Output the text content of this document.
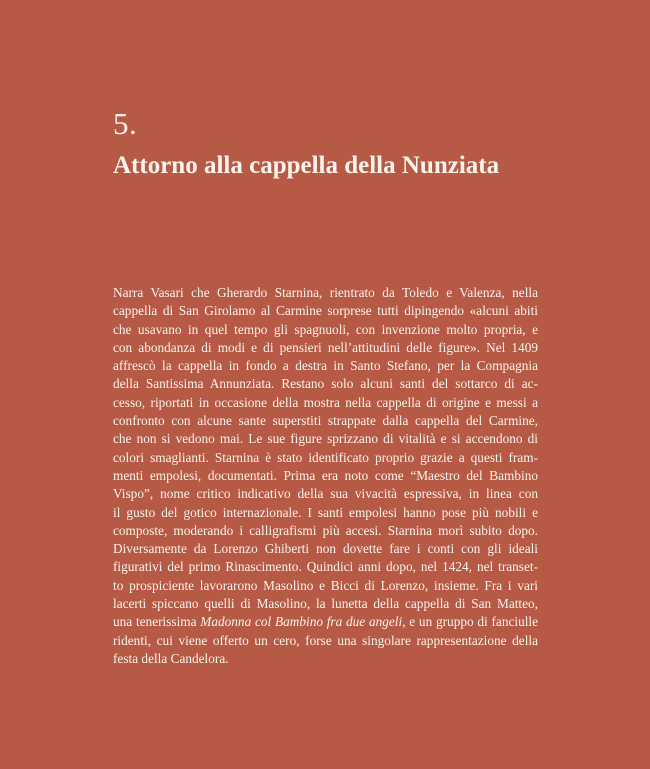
5.
Attorno alla cappella della Nunziata
Narra Vasari che Gherardo Starnina, rientrato da Toledo e Valenza, nella
cappella di San Girolamo al Carmine sorprese tutti dipingendo «alcuni abiti
che usavano in quel tempo gli spagnuoli, con invenzione molto propria, e
con abondanza di modi e di pensieri nell’attitudini delle figure». Nel 1409
affrescò la cappella in fondo a destra in Santo Stefano, per la Compagnia
della Santissima Annunziata. Restano solo alcuni santi del sottarco di ac-
cesso, riportati in occasione della mostra nella cappella di origine e messi a
confronto con alcune sante superstiti strappate dalla cappella del Carmine,
che non si vedono mai. Le sue figure sprizzano di vitalità e si accendono di
colori smaglianti. Starnina è stato identificato proprio grazie a questi fram-
menti empolesi, documentati. Prima era noto come “Maestro del Bambino
Vispo”, nome critico indicativo della sua vivacità espressiva, in linea con
il gusto del gotico internazionale. I santi empolesi hanno pose più nobili e
composte, moderando i calligrafismi più accesi. Starnina morì subito dopo.
Diversamente da Lorenzo Ghiberti non dovette fare i conti con gli ideali
figurativi del primo Rinascimento. Quindici anni dopo, nel 1424, nel transet-
to prospiciente lavorarono Masolino e Bicci di Lorenzo, insieme. Fra i vari
lacerti spiccano quelli di Masolino, la lunetta della cappella di San Matteo,
una tenerissima Madonna col Bambino fra due angeli, e un gruppo di fanciulle
ridenti, cui viene offerto un cero, forse una singolare rappresentazione della
festa della Candelora.
